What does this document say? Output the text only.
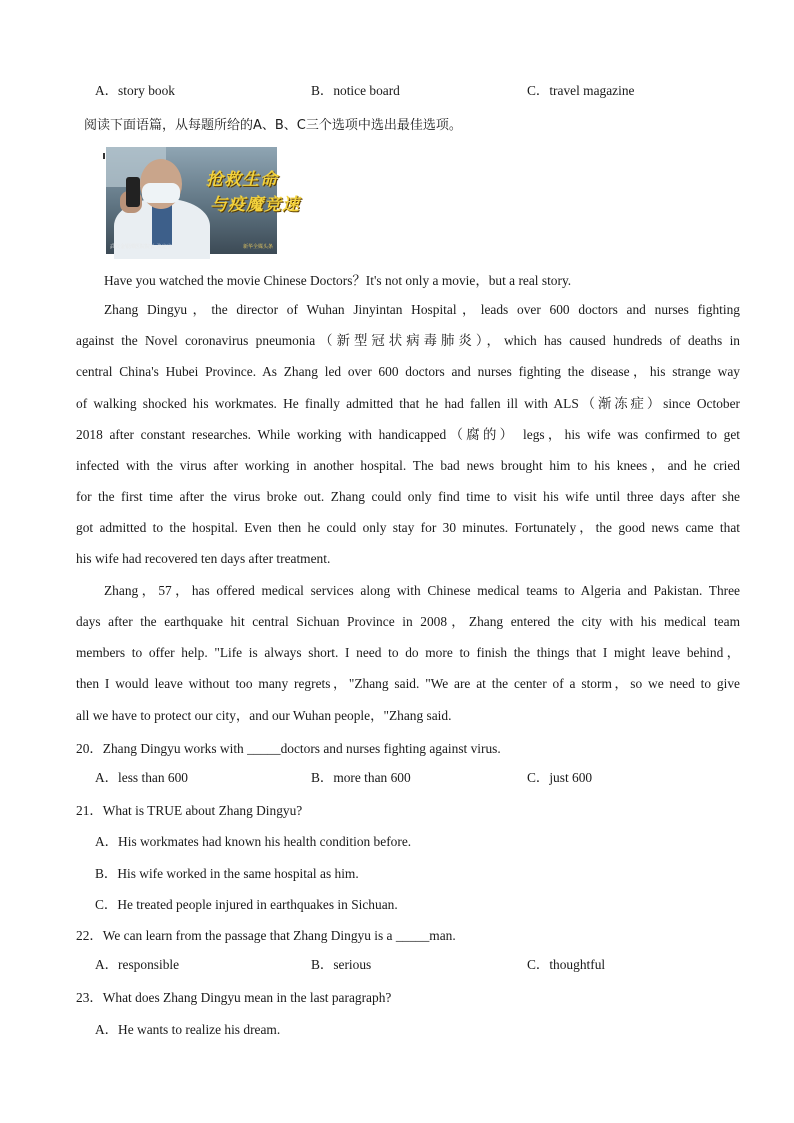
A．story book	B．notice board	C．travel magazine
阅读下面语篇，从每题所给的A、B、C三个选项中选出最佳选项。
抢救生命
与疫魔竞速
武汉金银潭医院院长 张定宇	新华全媒头条
Have you watched the movie Chinese Doctors？It's not only a movie，but a real story.
Zhang Dingyu，the director of Wuhan Jinyintan Hospital，leads over 600 doctors and nurses fighting
against the Novel coronavirus pneumonia（新型冠状病毒肺炎），which has caused hundreds of deaths in
central China's Hubei Province. As Zhang led over 600 doctors and nurses fighting the disease，his strange way
of walking shocked his workmates. He finally admitted that he had fallen ill with ALS（渐冻症）since October
2018 after constant researches. While working with handicapped（腐的） legs，his wife was confirmed to get
infected with the virus after working in another hospital. The bad news brought him to his knees，and he cried
for the first time after the virus broke out. Zhang could only find time to visit his wife until three days after she
got admitted to the hospital. Even then he could only stay for 30 minutes. Fortunately，the good news came that
his wife had recovered ten days after treatment.
Zhang，57，has offered medical services along with Chinese medical teams to Algeria and Pakistan. Three
days after the earthquake hit central Sichuan Province in 2008，Zhang entered the city with his medical team
members to offer help. "Life is always short. I need to do more to finish the things that I might leave behind，
then I would leave without too many regrets，"Zhang said. "We are at the center of a storm，so we need to give
all we have to protect our city，and our Wuhan people，"Zhang said.
20．Zhang Dingyu works with _____doctors and nurses fighting against virus.
A．less than 600	B．more than 600	C．just 600
21．What is TRUE about Zhang Dingyu?
A．His workmates had known his health condition before.
B．His wife worked in the same hospital as him.
C．He treated people injured in earthquakes in Sichuan.
22．We can learn from the passage that Zhang Dingyu is a _____man.
A．responsible	B．serious	C．thoughtful
23．What does Zhang Dingyu mean in the last paragraph?
A．He wants to realize his dream.
